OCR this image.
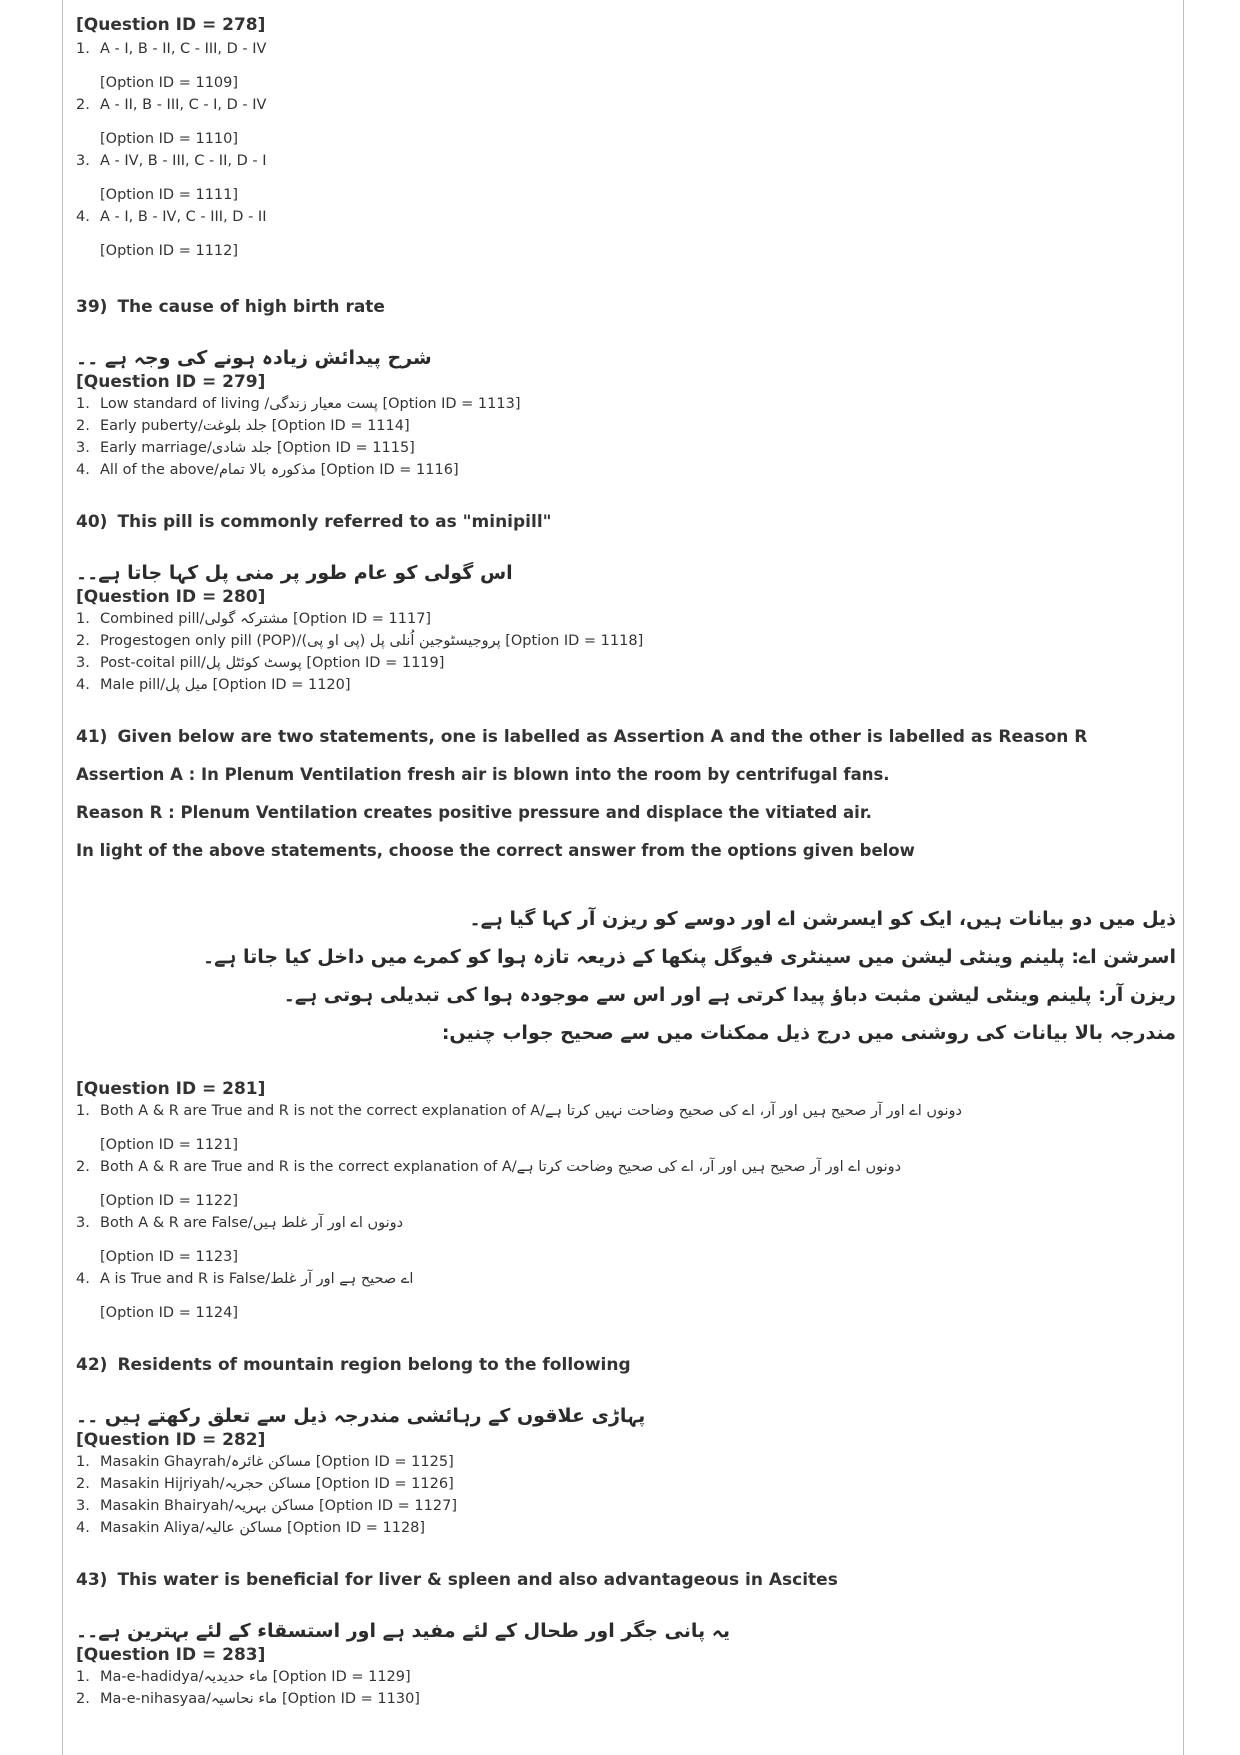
[Question ID = 278]

1. A - I, B - II, C - III, D - IV
[Option ID = 1109]
2. A - II, B - III, C - I, D - IV
[Option ID = 1110]
3. A - IV, B - III, C - II, D - I
[Option ID = 1111]
4. A - I, B - IV, C - III, D - II
[Option ID = 1112]

39) The cause of high birth rate

شرح پیدائش زیادہ ہونے کی وجہ ہے ۔۔

[Question ID = 279]

1. Low standard of living /پست معیار زندگی [Option ID = 1113]
2. Early puberty/جلد بلوغت [Option ID = 1114]
3. Early marriage/جلد شادی [Option ID = 1115]
4. All of the above/مذکورہ بالا تمام [Option ID = 1116]

40) This pill is commonly referred to as "minipill"

اس گولی کو عام طور پر منی پل کہا جاتا ہے۔۔

[Question ID = 280]

1. Combined pill/مشترکہ گولی [Option ID = 1117]
2. Progestogen only pill (POP)/پروجیسٹوجین اُنلی پل (پی او پی) [Option ID = 1118]
3. Post-coital pill/پوسٹ کوئٹل پل [Option ID = 1119]
4. Male pill/میل پل [Option ID = 1120]

41) Given below are two statements, one is labelled as Assertion A and the other is labelled as Reason R

Assertion A : In Plenum Ventilation fresh air is blown into the room by centrifugal fans.

Reason R : Plenum Ventilation creates positive pressure and displace the vitiated air.

In light of the above statements, choose the correct answer from the options given below

ذیل میں دو بیانات ہیں، ایک کو ایسرشن اے اور دوسے کو ریزن آر کہا گیا ہے۔

اسرشن اے: پلینم وینٹی لیشن میں سینٹری فیوگل پنکھا کے ذریعہ تازہ ہوا کو کمرے میں داخل کیا جاتا ہے۔

ریزن آر: پلینم وینٹی لیشن مثبت دباؤ پیدا کرتی ہے اور اس سے موجودہ ہوا کی تبدیلی ہوتی ہے۔

مندرجہ بالا بیانات کی روشنی میں درج ذیل ممکنات میں سے صحیح جواب چنیں:

[Question ID = 281]

1. Both A & R are True and R is not the correct explanation of A/دونوں اے اور آر صحیح ہیں اور آر، اے کی صحیح وضاحت نہیں کرتا ہے
[Option ID = 1121]
2. Both A & R are True and R is the correct explanation of A/دونوں اے اور آر صحیح ہیں اور آر، اے کی صحیح وضاحت کرتا ہے
[Option ID = 1122]
3. Both A & R are False/دونوں اے اور آر غلط ہیں
[Option ID = 1123]
4. A is True and R is False/اے صحیح ہے اور آر غلط
[Option ID = 1124]

42) Residents of mountain region belong to the following

پہاڑی علاقوں کے رہائشی مندرجہ ذیل سے تعلق رکھتے ہیں ۔۔

[Question ID = 282]

1. Masakin Ghayrah/مساکن غائرہ [Option ID = 1125]
2. Masakin Hijriyah/مساکن حجریہ [Option ID = 1126]
3. Masakin Bhairyah/مساکن بہریہ [Option ID = 1127]
4. Masakin Aliya/مساکن عالیہ [Option ID = 1128]

43) This water is beneficial for liver & spleen and also advantageous in Ascites

یہ پانی جگر اور طحال کے لئے مفید ہے اور استسقاء کے لئے بہترین ہے۔۔

[Question ID = 283]

1. Ma-e-hadidya/ماء حدیدیہ [Option ID = 1129]
2. Ma-e-nihasyaa/ماء نحاسیہ [Option ID = 1130]
